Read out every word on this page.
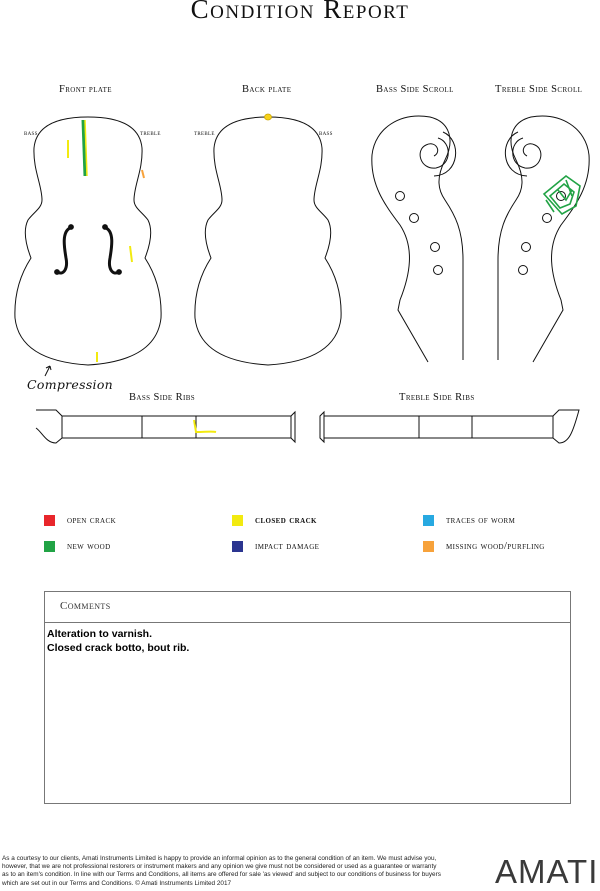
Condition Report
Front plate
bass	treble
Back plate
treble	bass
Bass Side Scroll	Treble Side Scroll
Bass Side Ribs	Treble Side Ribs
Compression
open crack
new wood
closed crack
impact damage
traces of worm
missing wood/purfling
Comments
Alteration to varnish.
Closed crack botto, bout rib.
As a courtesy to our clients, Amati Instruments Limited is happy to provide an informal opinion as to the general condition of an item. We must advise you, however, that we are not professional restorers or instrument makers and any opinion we give must not be considered or used as a guarantee or warranty as to an item's condition. In line with our Terms and Conditions, all items are offered for sale 'as viewed' and subject to our conditions of business for buyers which are set out in our Terms and Conditions. © Amati Instruments Limited 2017	AMATI
